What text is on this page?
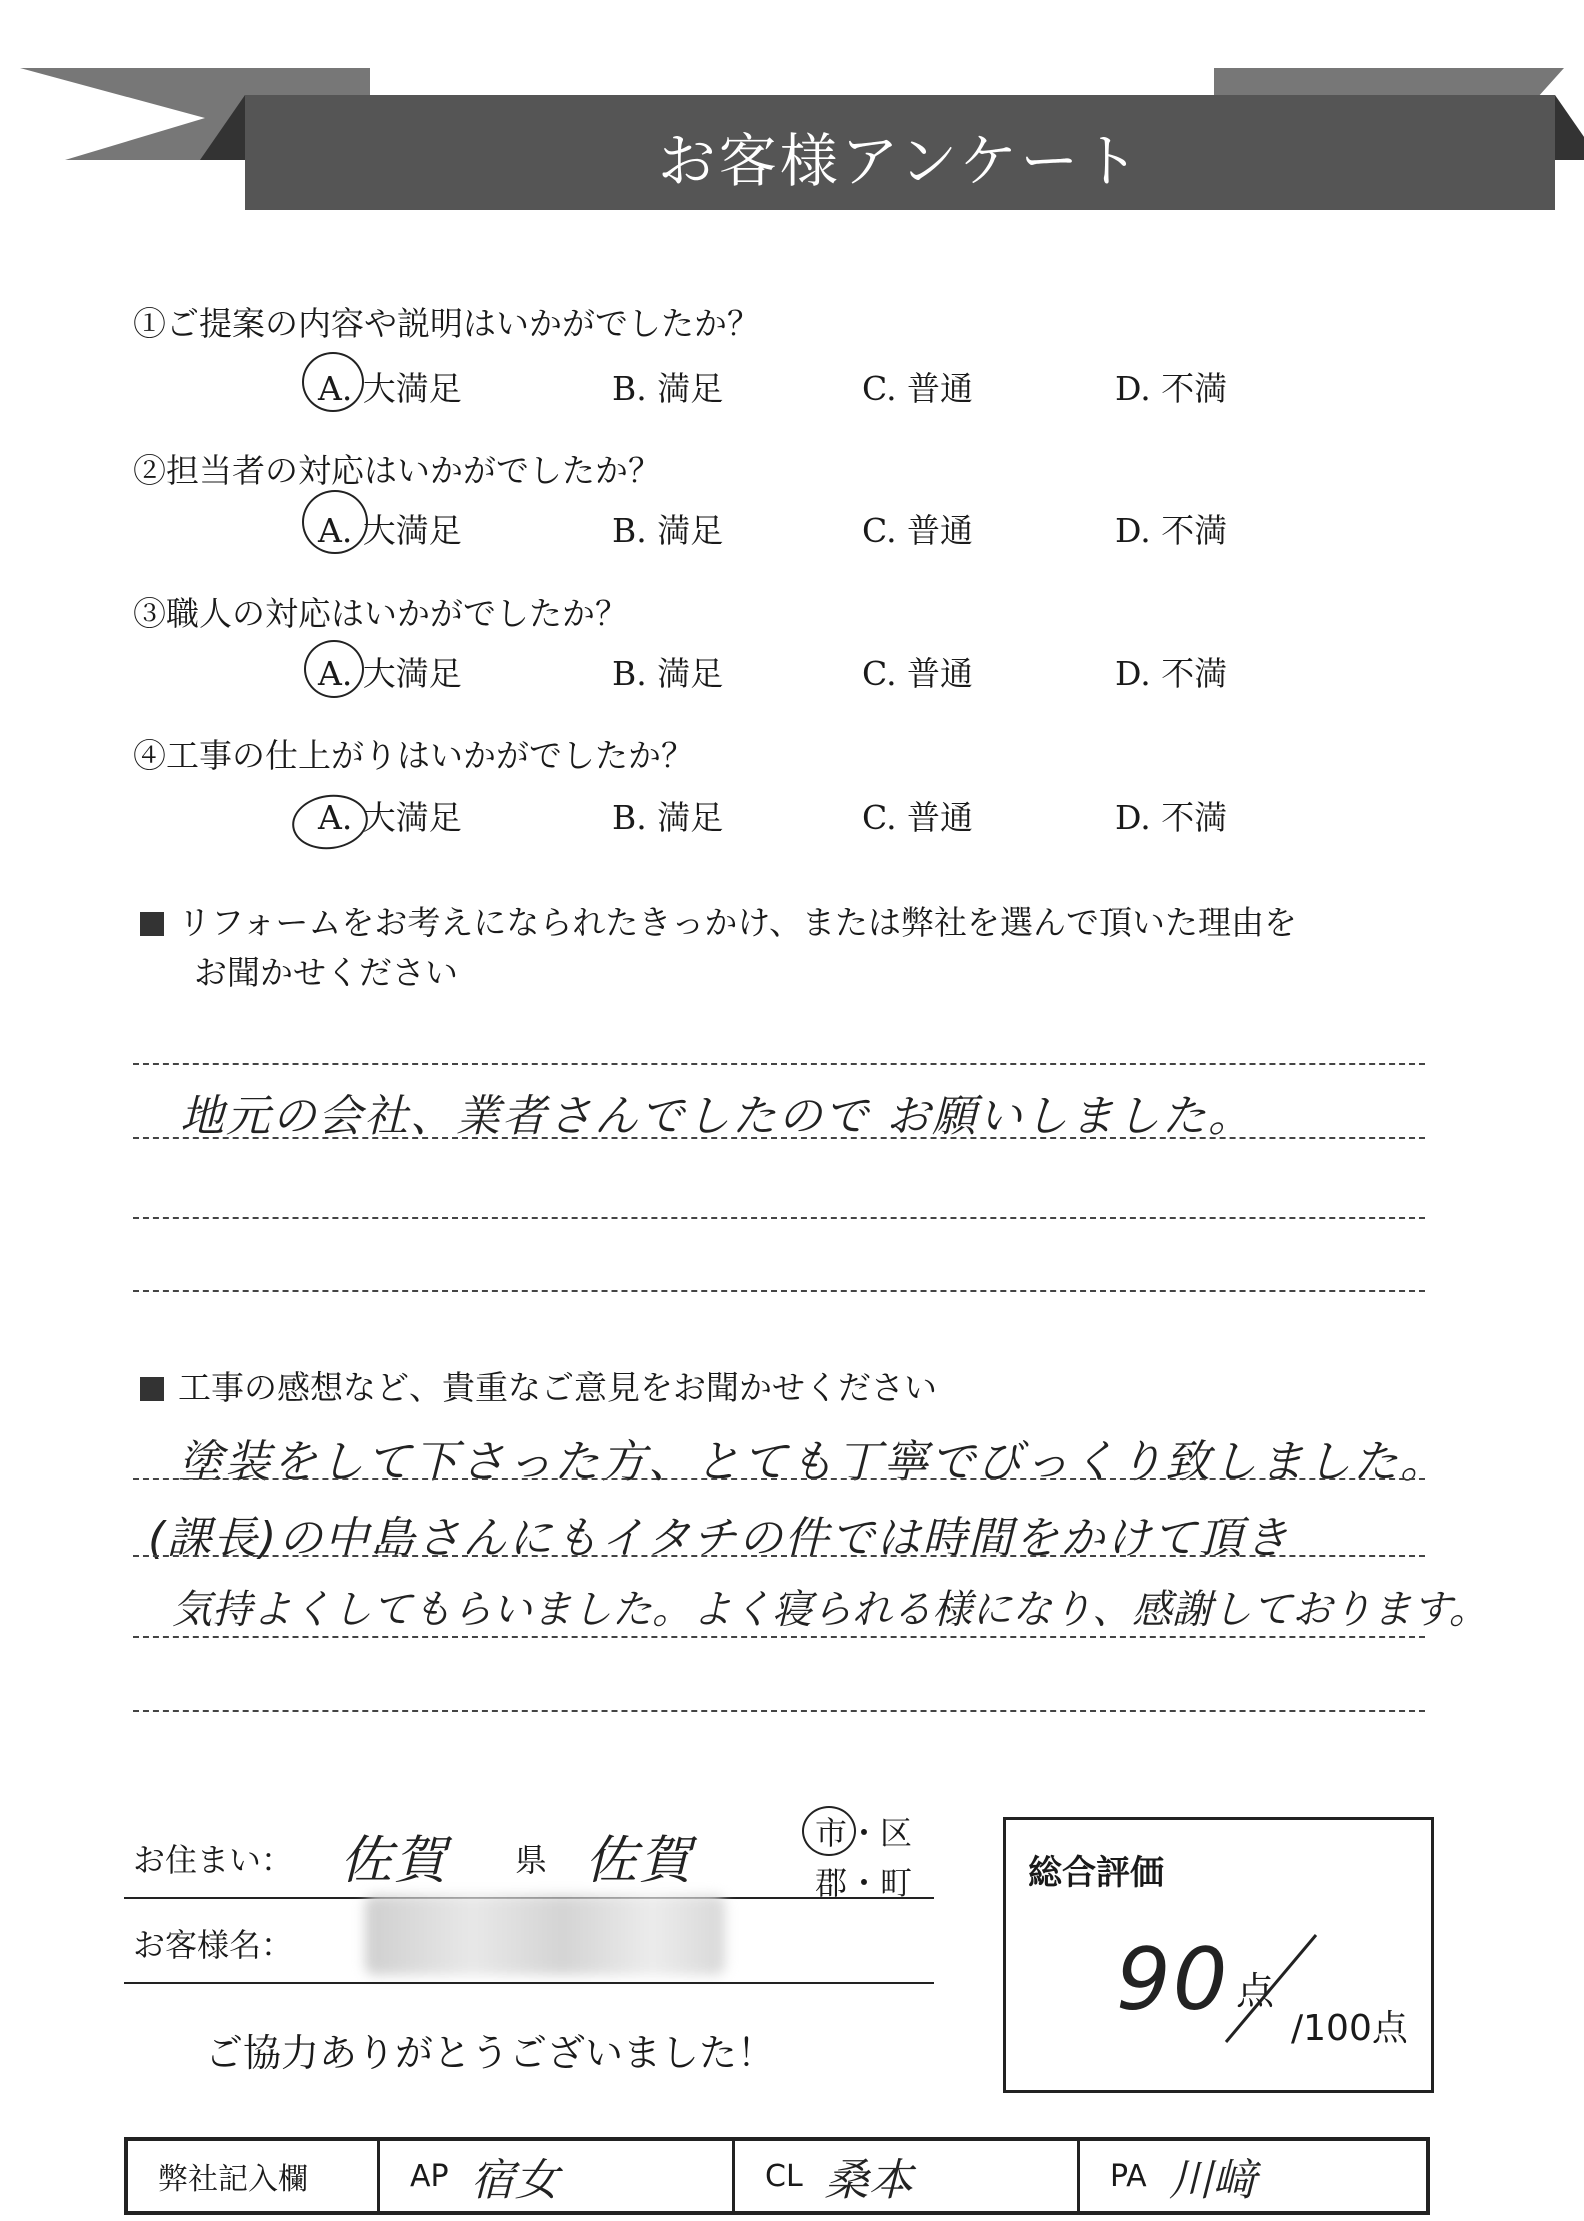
お客様アンケート
①ご提案の内容や説明はいかがでしたか？
A. 大満足	B. 満足	C. 普通	D. 不満
②担当者の対応はいかがでしたか？
A. 大満足	B. 満足	C. 普通	D. 不満
③職人の対応はいかがでしたか？
A. 大満足	B. 満足	C. 普通	D. 不満
④工事の仕上がりはいかがでしたか？
A. 大満足	B. 満足	C. 普通	D. 不満
リフォームをお考えになられたきっかけ、または弊社を選んで頂いた理由を
お聞かせください
地元の会社、業者さんでしたので お願いしました。
工事の感想など、貴重なご意見をお聞かせください
塗装をして下さった方、とても丁寧でびっくり致しました。
(課長)の中島さんにもイタチの件では時間をかけて頂き
気持よくしてもらいました。よく寝られる様になり、感謝しております。
お住まい： 佐賀 県 佐賀	市 ・区
郡 ・町
お客様名：
ご協力ありがとうございました！
総合評価
90 点
/100点
弊社記入欄	AP 宿女	CL 桑本	PA 川﨑
